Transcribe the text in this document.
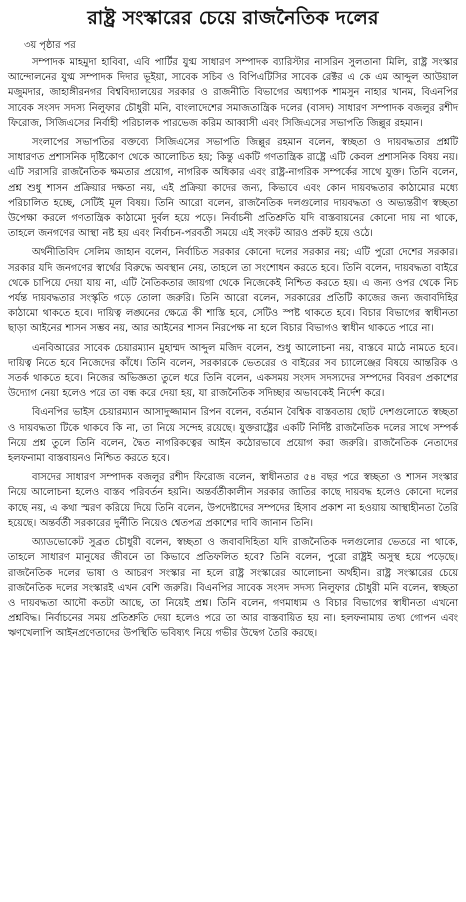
রাষ্ট্র সংস্কারের চেয়ে রাজনৈতিক দলের
৩য় পৃষ্ঠার পর

সম্পাদক মাহমুদা হাবিবা, এবি পার্টির যুগ্ম সাধারণ সম্পাদক ব্যারিস্টার নাসরিন সুলতানা মিলি, রাষ্ট্র সংস্কার আন্দোলনের যুগ্ম সম্পাদক দিদার ভূইয়া, সাবেক সচিব ও বিপিএটিসির সাবেক রেক্টর এ কে এম আব্দুল আউয়াল মজুমদার, জাহাঙ্গীরনগর বিশ্ববিদ্যালয়ের সরকার ও রাজনীতি বিভাগের অধ্যাপক শামসুন নাহার খানম, বিএনপির সাবেক সংসদ সদস্য নিলুফার চৌধুরী মনি, বাংলাদেশের সমাজতান্ত্রিক দলের (বাসদ) সাধারণ সম্পাদক বজলুর রশীদ ফিরোজ, সিজিএসের নির্বাহী পরিচালক পারভেজ করিম আব্বাসী এবং সিজিএসের সভাপতি জিল্লুর রহমান।

সংলাপের সভাপতির বক্তব্যে সিজিএসের সভাপতি জিল্লুর রহমান বলেন, স্বচ্ছতা ও দায়বদ্ধতার প্রশ্নটি সাধারণত প্রশাসনিক দৃষ্টিকোণ থেকে আলোচিত হয়; কিন্তু একটি গণতান্ত্রিক রাষ্ট্রে এটি কেবল প্রশাসনিক বিষয় নয়। এটি সরাসরি রাজনৈতিক ক্ষমতার প্রয়োগ, নাগরিক অধিকার এবং রাষ্ট্র-নাগরিক সম্পর্কের সাথে যুক্ত। তিনি বলেন, প্রশ্ন শুধু শাসন প্রক্রিয়ার দক্ষতা নয়, এই প্রক্রিয়া কাদের জন্য, কিভাবে এবং কোন দায়বদ্ধতার কাঠামোর মধ্যে পরিচালিত হচ্ছে, সেটিই মূল বিষয়। তিনি আরো বলেন, রাজনৈতিক দলগুলোর দায়বদ্ধতা ও অভ্যন্তরীণ স্বচ্ছতা উপেক্ষা করলে গণতান্ত্রিক কাঠামো দুর্বল হয়ে পড়ে। নির্বাচনী প্রতিশ্রুতি যদি বাস্তবায়নের কোনো দায় না থাকে, তাহলে জনগণের আস্থা নষ্ট হয় এবং নির্বাচন-পরবর্তী সময়ে এই সংকট আরও প্রকট হয়ে ওঠে।

অর্থনীতিবিদ সেলিম জাহান বলেন, নির্বাচিত সরকার কোনো দলের সরকার নয়; এটি পুরো দেশের সরকার। সরকার যদি জনগণের স্বার্থের বিরুদ্ধে অবস্থান নেয়, তাহলে তা সংশোধন করতে হবে। তিনি বলেন, দায়বদ্ধতা বাইরে থেকে চাপিয়ে দেয়া যায় না, এটি নৈতিকতার জায়গা থেকে নিজেকেই নিশ্চিত করতে হয়। এ জন্য ওপর থেকে নিচ পর্যন্ত দায়বদ্ধতার সংস্কৃতি গড়ে তোলা জরুরি। তিনি আরো বলেন, সরকারের প্রতিটি কাজের জন্য জবাবদিহির কাঠামো থাকতে হবে। দায়িত্ব লঙ্ঘনের ক্ষেত্রে কী শাস্তি হবে, সেটিও স্পষ্ট থাকতে হবে। বিচার বিভাগের স্বাধীনতা ছাড়া আইনের শাসন সম্ভব নয়, আর আইনের শাসন নিরপেক্ষ না হলে বিচার বিভাগও স্বাধীন থাকতে পারে না।

এনবিআরের সাবেক চেয়ারম্যান মুহাম্মদ আব্দুল মজিদ বলেন, শুধু আলোচনা নয়, বাস্তবে মাঠে নামতে হবে। দায়িত্ব নিতে হবে নিজেদের কাঁধে। তিনি বলেন, সরকারকে ভেতরের ও বাইরের সব চ্যালেঞ্জের বিষয়ে আন্তরিক ও সতর্ক থাকতে হবে। নিজের অভিজ্ঞতা তুলে ধরে তিনি বলেন, একসময় সংসদ সদস্যদের সম্পদের বিবরণ প্রকাশের উদ্যোগ নেয়া হলেও পরে তা বন্ধ করে দেয়া হয়, যা রাজনৈতিক সদিচ্ছার অভাবকেই নির্দেশ করে।

বিএনপির ভাইস চেয়ারম্যান আসাদুজ্জামান রিপন বলেন, বর্তমান বৈশ্বিক বাস্তবতায় ছোট দেশগুলোতে স্বচ্ছতা ও দায়বদ্ধতা টিকে থাকবে কি না, তা নিয়ে সন্দেহ রয়েছে। যুক্তরাষ্ট্রের একটি নির্দিষ্ট রাজনৈতিক দলের সাথে সম্পর্ক নিয়ে প্রশ্ন তুলে তিনি বলেন, দ্বৈত নাগরিকত্বের আইন কঠোরভাবে প্রয়োগ করা জরুরি। রাজনৈতিক নেতাদের হলফনামা বাস্তবায়নও নিশ্চিত করতে হবে।

বাসদের সাধারণ সম্পাদক বজলুর রশীদ ফিরোজ বলেন, স্বাধীনতার ৫৪ বছর পরে স্বচ্ছতা ও শাসন সংস্কার নিয়ে আলোচনা হলেও বাস্তব পরিবর্তন হয়নি। অন্তর্বর্তীকালীন সরকার জাতির কাছে দায়বদ্ধ হলেও কোনো দলের কাছে নয়, এ কথা স্মরণ করিয়ে দিয়ে তিনি বলেন, উপদেষ্টাদের সম্পদের হিসাব প্রকাশ না হওয়ায় আস্থাহীনতা তৈরি হয়েছে। অন্তর্বর্তী সরকারের দুর্নীতি নিয়েও শ্বেতপত্র প্রকাশের দাবি জানান তিনি।

অ্যাডভোকেট সুব্রত চৌধুরী বলেন, স্বচ্ছতা ও জবাবদিহিতা যদি রাজনৈতিক দলগুলোর ভেতরে না থাকে, তাহলে সাধারণ মানুষের জীবনে তা কিভাবে প্রতিফলিত হবে? তিনি বলেন, পুরো রাষ্ট্রই অসুস্থ হয়ে পড়েছে। রাজনৈতিক দলের ভাষা ও আচরণ সংস্কার না হলে রাষ্ট্র সংস্কারের আলোচনা অর্থহীন। রাষ্ট্র সংস্কারের চেয়ে রাজনৈতিক দলের সংস্কারই এখন বেশি জরুরি। বিএনপির সাবেক সংসদ সদস্য নিলুফার চৌধুরী মনি বলেন, স্বচ্ছতা ও দায়বদ্ধতা আদৌ কতটা আছে, তা নিয়েই প্রশ্ন। তিনি বলেন, গণমাধ্যম ও বিচার বিভাগের স্বাধীনতা এখনো প্রশ্নবিদ্ধ। নির্বাচনের সময় প্রতিশ্রুতি দেয়া হলেও পরে তা আর বাস্তবায়িত হয় না। হলফনামায় তথ্য গোপন এবং ঋণখেলাপি আইনপ্রণেতাদের উপস্থিতি ভবিষ্যৎ নিয়ে গভীর উদ্বেগ তৈরি করছে।
